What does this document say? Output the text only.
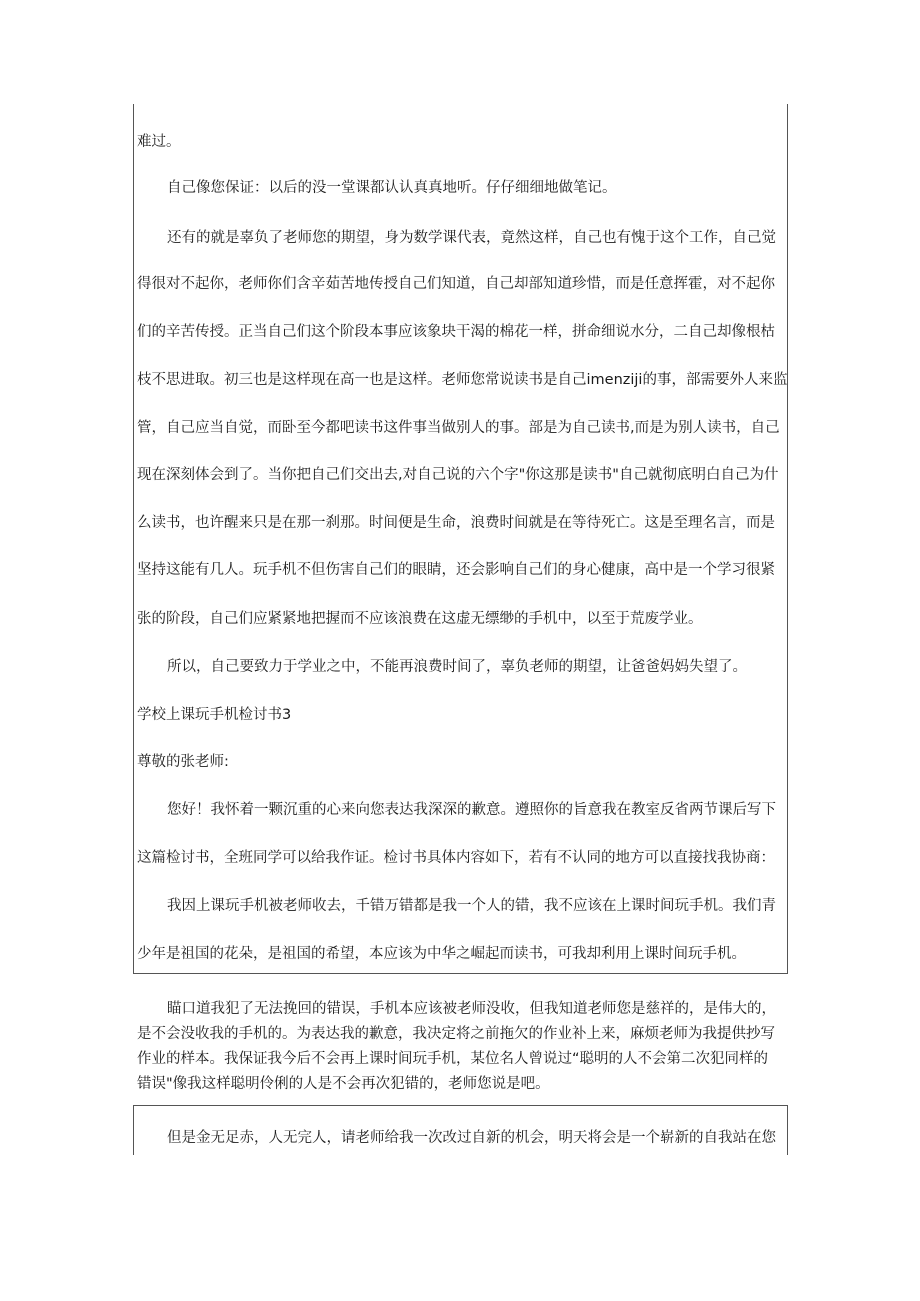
难过。
自己像您保证：以后的没一堂课都认认真真地听。仔仔细细地做笔记。
还有的就是辜负了老师您的期望，身为数学课代表，竟然这样，自己也有愧于这个工作，自己觉
得很对不起你，老师你们含辛茹苦地传授自己们知道，自己却部知道珍惜，而是任意挥霍，对不起你
们的辛苦传授。正当自己们这个阶段本事应该象块干渴的棉花一样，拼命细说水分，二自己却像根枯
枝不思进取。初三也是这样现在高一也是这样。老师您常说读书是自己imenziji的事，部需要外人来监
管，自己应当自觉，而卧至今都吧读书这件事当做别人的事。部是为自己读书,而是为别人读书，自己
现在深刻体会到了。当你把自己们交出去,对自己说的六个字"你这那是读书"自己就彻底明白自己为什
么读书，也许醒来只是在那一刹那。时间便是生命，浪费时间就是在等待死亡。这是至理名言，而是
坚持这能有几人。玩手机不但伤害自己们的眼睛，还会影响自己们的身心健康，高中是一个学习很紧
张的阶段，自己们应紧紧地把握而不应该浪费在这虚无缥缈的手机中，以至于荒废学业。
所以，自己要致力于学业之中，不能再浪费时间了，辜负老师的期望，让爸爸妈妈失望了。
学校上课玩手机检讨书3
尊敬的张老师:
您好！我怀着一颗沉重的心来向您表达我深深的歉意。遵照你的旨意我在教室反省两节课后写下
这篇检讨书，全班同学可以给我作证。检讨书具体内容如下，若有不认同的地方可以直接找我协商：
我因上课玩手机被老师收去，千错万错都是我一个人的错，我不应该在上课时间玩手机。我们青
少年是祖国的花朵，是祖国的希望，本应该为中华之崛起而读书，可我却利用上课时间玩手机。
瞄口道我犯了无法挽回的错误，手机本应该被老师没收，但我知道老师您是慈祥的，是伟大的，
是不会没收我的手机的。为表达我的歉意，我决定将之前拖欠的作业补上来，麻烦老师为我提供抄写
作业的样本。我保证我今后不会再上课时间玩手机，某位名人曾说过“聪明的人不会第二次犯同样的
错误"像我这样聪明伶俐的人是不会再次犯错的，老师您说是吧。
但是金无足赤，人无完人，请老师给我一次改过自新的机会，明天将会是一个崭新的自我站在您
